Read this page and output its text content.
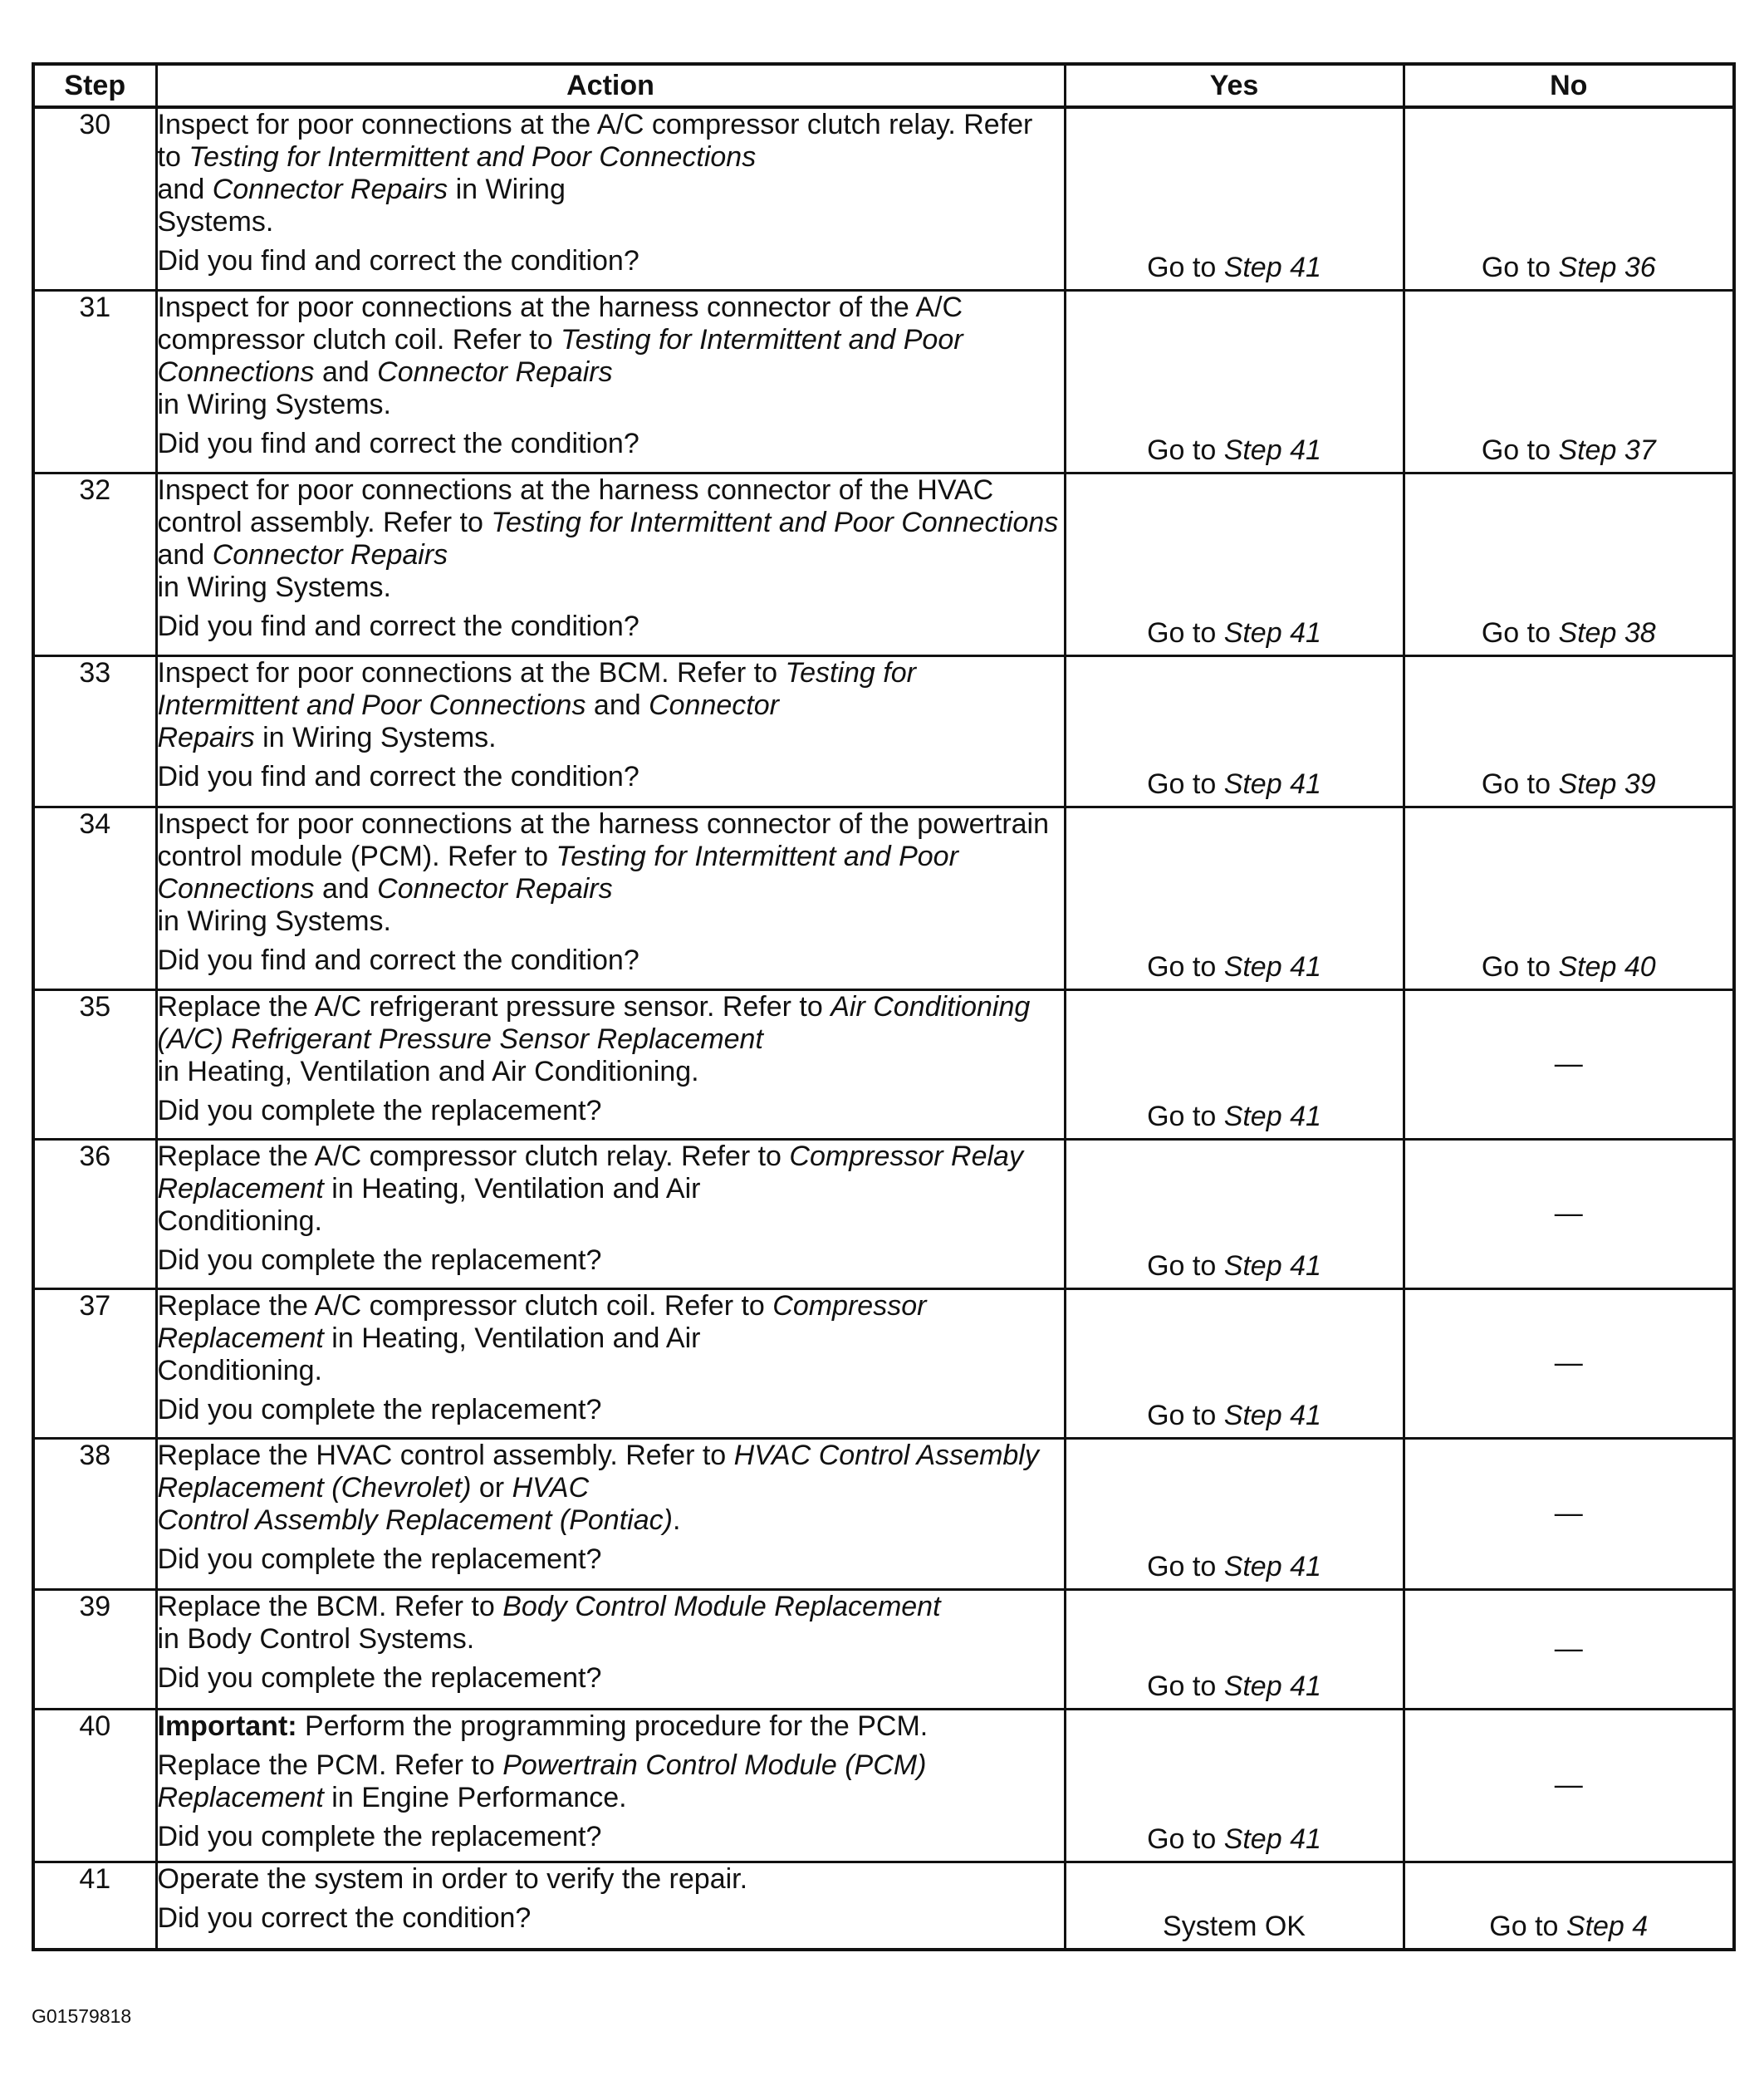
Step	Action	Yes	No
30	Inspect for poor connections at the A/C compressor clutch relay. Refer to Testing for Intermittent and Poor Connections
and Connector Repairs in Wiring
Systems.

Did you find and correct the condition?	Go to Step 41	Go to Step 36

31	Inspect for poor connections at the harness connector of the A/C compressor clutch coil. Refer to Testing for Intermittent and Poor Connections and Connector Repairs
in Wiring Systems.

Did you find and correct the condition?	Go to Step 41	Go to Step 37

32	Inspect for poor connections at the harness connector of the HVAC control assembly. Refer to Testing for Intermittent and Poor Connections and Connector Repairs
in Wiring Systems.

Did you find and correct the condition?	Go to Step 41	Go to Step 38

33	Inspect for poor connections at the BCM. Refer to Testing for Intermittent and Poor Connections and Connector
Repairs in Wiring Systems.

Did you find and correct the condition?	Go to Step 41	Go to Step 39

34	Inspect for poor connections at the harness connector of the powertrain control module (PCM). Refer to Testing for Intermittent and Poor Connections and Connector Repairs
in Wiring Systems.

Did you find and correct the condition?	Go to Step 41	Go to Step 40

35	Replace the A/C refrigerant pressure sensor. Refer to Air Conditioning (A/C) Refrigerant Pressure Sensor Replacement
in Heating, Ventilation and Air Conditioning.

Did you complete the replacement?	Go to Step 41	—

36	Replace the A/C compressor clutch relay. Refer to Compressor Relay Replacement in Heating, Ventilation and Air
Conditioning.

Did you complete the replacement?	Go to Step 41	—

37	Replace the A/C compressor clutch coil. Refer to Compressor Replacement in Heating, Ventilation and Air
Conditioning.

Did you complete the replacement?	Go to Step 41	—

38	Replace the HVAC control assembly. Refer to HVAC Control Assembly Replacement (Chevrolet) or HVAC
Control Assembly Replacement (Pontiac).

Did you complete the replacement?	Go to Step 41	—

39	Replace the BCM. Refer to Body Control Module Replacement
in Body Control Systems.

Did you complete the replacement?	Go to Step 41	—

40	Important: Perform the programming procedure for the PCM.

Replace the PCM. Refer to Powertrain Control Module (PCM) Replacement in Engine Performance.

Did you complete the replacement?	Go to Step 41	—

41	Operate the system in order to verify the repair.

Did you correct the condition?	System OK	Go to Step 4
G01579818
